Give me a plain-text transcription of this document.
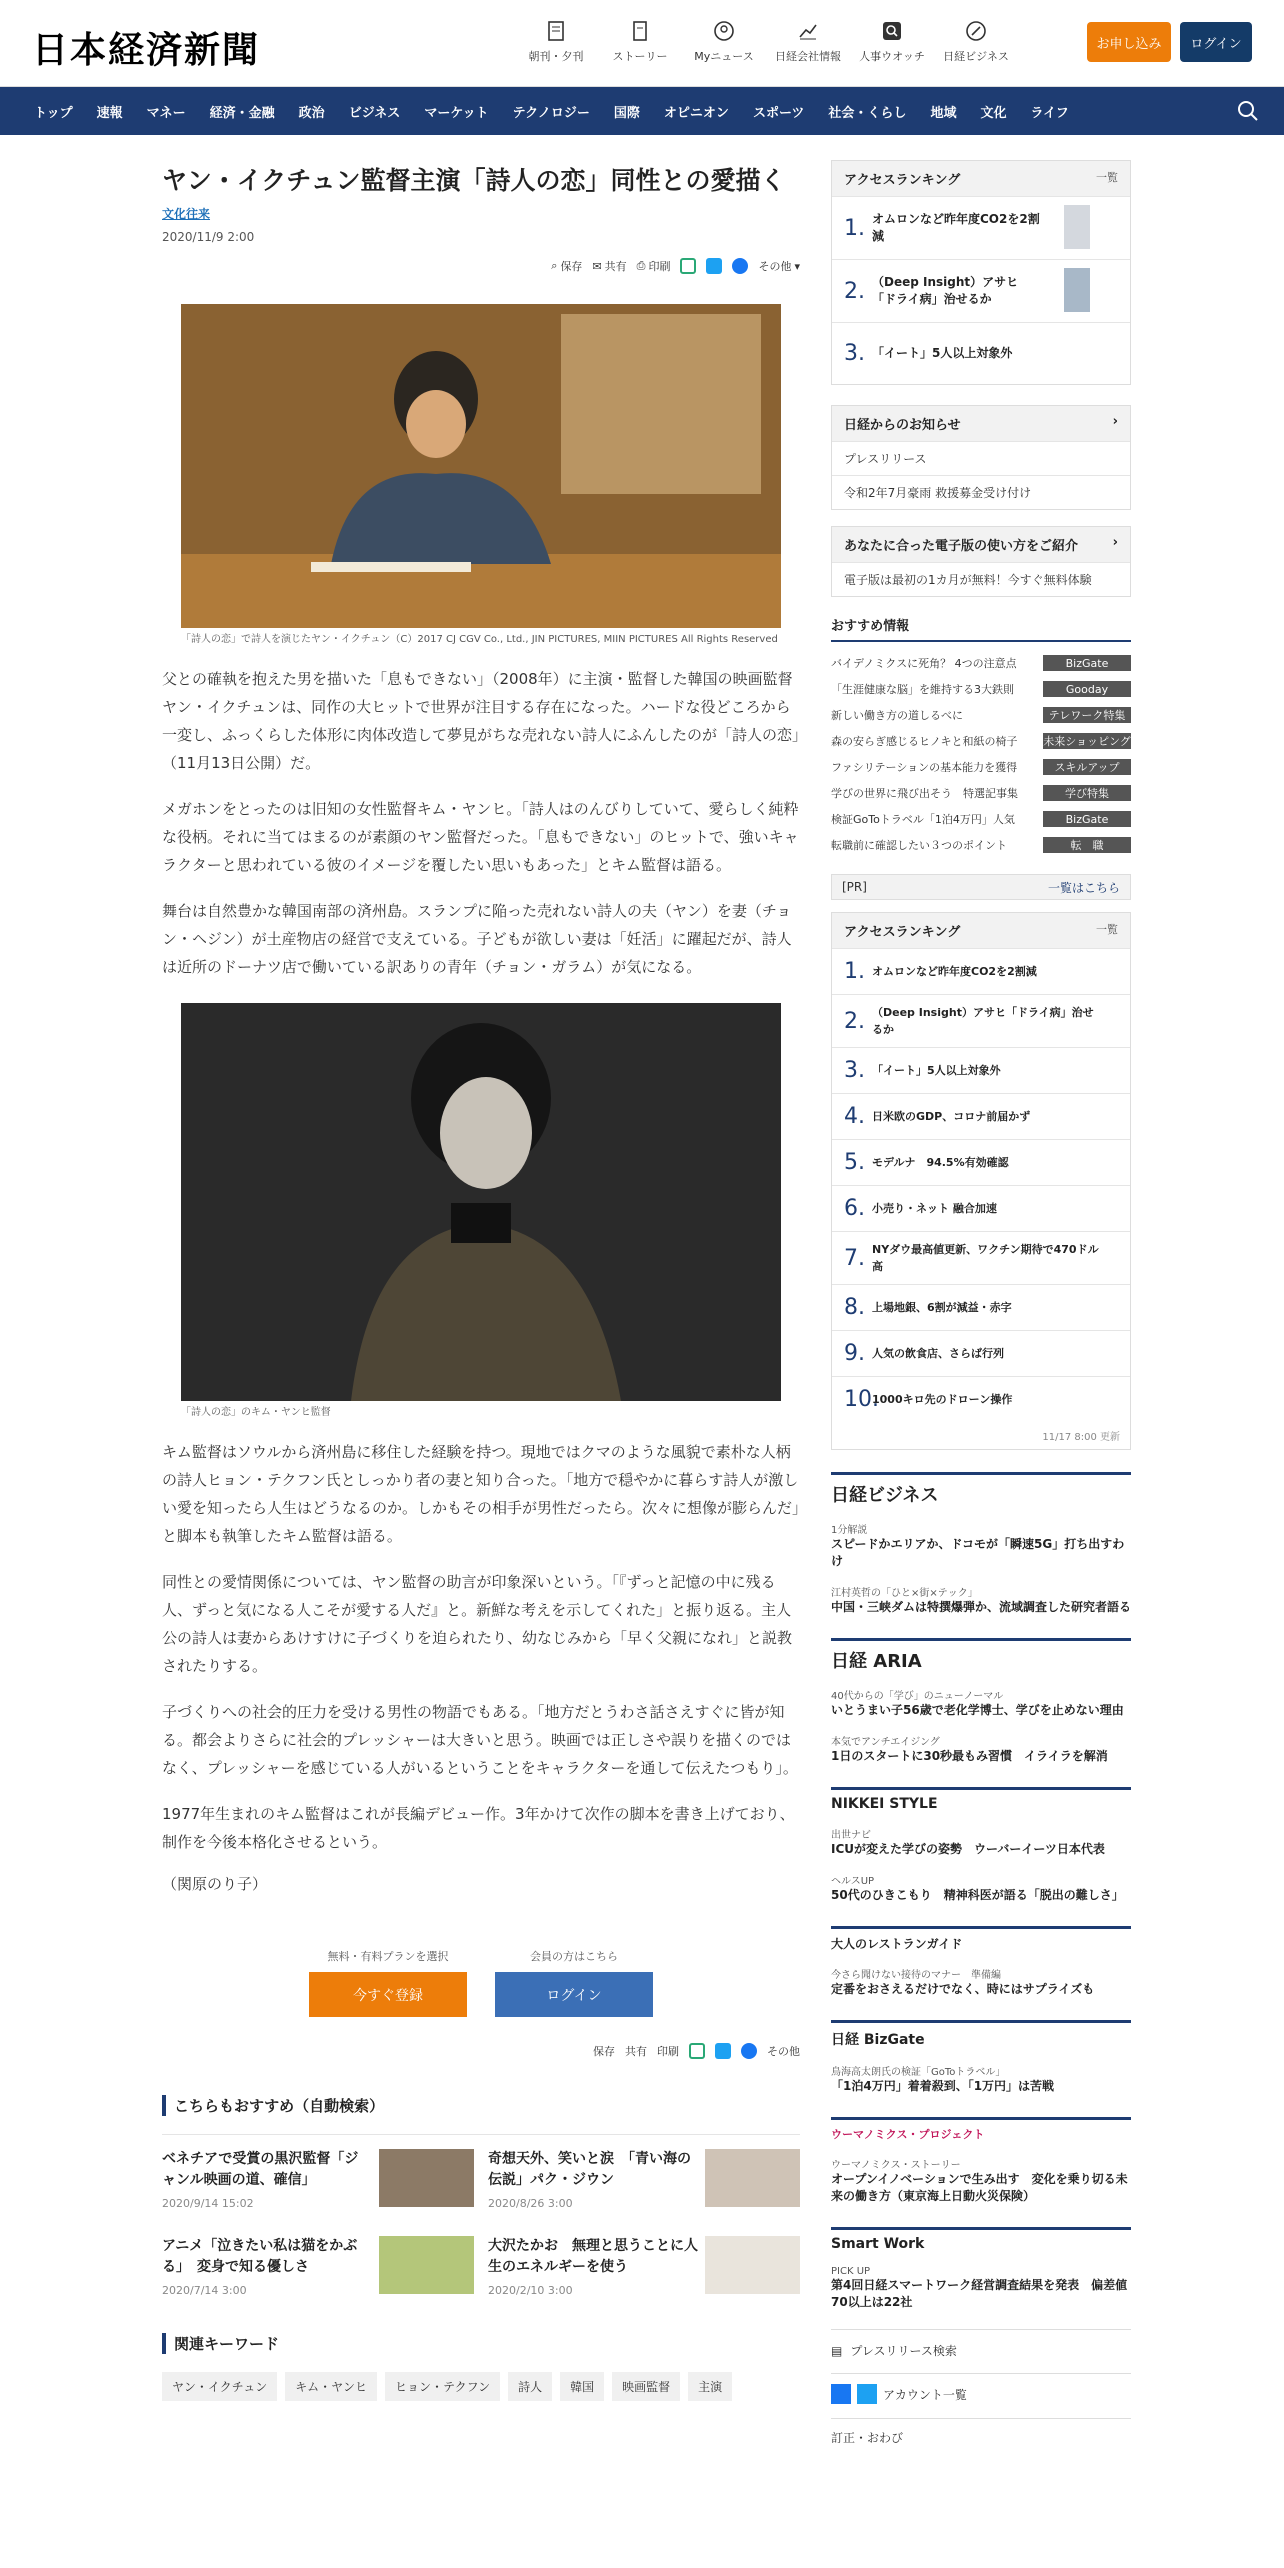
日本経済新聞	朝刊・夕刊	ストーリー	Myニュース	日経会社情報	人事ウオッチ	日経ビジネス
お申し込み	ログイン
トップ	速報	マネー	経済・金融	政治	ビジネス	マーケット	テクノロジー	国際	オピニオン	スポーツ	社会・くらし	地域	文化	ライフ
ヤン・イクチュン監督主演「詩人の恋」同性との愛描く
文化往来
2020/11/9 2:00
⌕ 保存 ✉ 共有 ⎙ 印刷	その他 ▾
「詩人の恋」で詩人を演じたヤン・イクチュン（C）2017 CJ CGV Co., Ltd., JIN PICTURES, MIIN PICTURES All Rights Reserved

父との確執を抱えた男を描いた「息もできない」（2008年）に主演・監督した韓国の映画監督ヤン・イクチュンは、同作の大ヒットで世界が注目する存在になった。ハードな役どころから一変し、ふっくらした体形に肉体改造して夢見がちな売れない詩人にふんしたのが「詩人の恋」（11月13日公開）だ。

メガホンをとったのは旧知の女性監督キム・ヤンヒ。「詩人はのんびりしていて、愛らしく純粋な役柄。それに当てはまるのが素顔のヤン監督だった。「息もできない」のヒットで、強いキャラクターと思われている彼のイメージを覆したい思いもあった」とキム監督は語る。

舞台は自然豊かな韓国南部の済州島。スランプに陥った売れない詩人の夫（ヤン）を妻（チョン・ヘジン）が土産物店の経営で支えている。子どもが欲しい妻は「妊活」に躍起だが、詩人は近所のドーナツ店で働いている訳ありの青年（チョン・ガラム）が気になる。

「詩人の恋」のキム・ヤンヒ監督

キム監督はソウルから済州島に移住した経験を持つ。現地ではクマのような風貌で素朴な人柄の詩人ヒョン・テクフン氏としっかり者の妻と知り合った。「地方で穏やかに暮らす詩人が激しい愛を知ったら人生はどうなるのか。しかもその相手が男性だったら。次々に想像が膨らんだ」と脚本も執筆したキム監督は語る。

同性との愛情関係については、ヤン監督の助言が印象深いという。「『ずっと記憶の中に残る人、ずっと気になる人こそが愛する人だ』と。新鮮な考えを示してくれた」と振り返る。主人公の詩人は妻からあけすけに子づくりを迫られたり、幼なじみから「早く父親になれ」と説教されたりする。

子づくりへの社会的圧力を受ける男性の物語でもある。「地方だとうわさ話さえすぐに皆が知る。都会よりさらに社会的プレッシャーは大きいと思う。映画では正しさや誤りを描くのではなく、プレッシャーを感じている人がいるということをキャラクターを通して伝えたつもり」。

1977年生まれのキム監督はこれが長編デビュー作。3年かけて次作の脚本を書き上げており、制作を今後本格化させるという。

（関原のり子）

無料・有料プランを選択
今すぐ登録
会員の方はこちら
ログイン
保存 共有 印刷	その他
こちらもおすすめ（自動検索）
ベネチアで受賞の黒沢監督「ジャンル映画の道、確信」
2020/9/14 15:02
奇想天外、笑いと涙　「青い海の伝説」パク・ジウン
2020/8/26 3:00
アニメ「泣きたい私は猫をかぶる」　変身で知る優しさ
2020/7/14 3:00
大沢たかお　無理と思うことに人生のエネルギーを使う
2020/2/10 3:00
関連キーワード
ヤン・イクチュン	キム・ヤンヒ	ヒョン・テクフン	詩人	韓国	映画監督	主演
アクセスランキング	一覧
1. オムロンなど昨年度CO2を2割減
2. （Deep Insight）アサヒ「ドライ病」治せるか
3. 「イート」5人以上対象外
日経からのお知らせ	›
プレスリリース
令和2年7月豪雨 救援募金受け付け
あなたに合った電子版の使い方をご紹介	›
電子版は最初の1カ月が無料！今すぐ無料体験
おすすめ情報
バイデノミクスに死角？ 4つの注意点	BizGate
「生涯健康な脳」を維持する3大鉄則	Gooday
新しい働き方の道しるべに	テレワーク特集
森の安らぎ感じるヒノキと和紙の椅子 未来ショッピング
ファシリテーションの基本能力を獲得	スキルアップ
学びの世界に飛び出そう　特選記事集	学び特集
検証GoToトラベル「1泊4万円」人気	BizGate
転職前に確認したい３つのポイント	転　職
[PR]	一覧はこちら
アクセスランキング	一覧
1. オムロンなど昨年度CO2を2割減
2. （Deep Insight）アサヒ「ドライ病」治せるか
3. 「イート」5人以上対象外
4. 日米欧のGDP、コロナ前届かず
5. モデルナ　94.5%有効確認
6. 小売り・ネット 融合加速
7. NYダウ最高値更新、ワクチン期待で470ドル高
8. 上場地銀、6割が減益・赤字
9. 人気の飲食店、さらば行列
10.
1000キロ先のドローン操作
11/17 8:00 更新
日経ビジネス
1分解説
スピードかエリアか、ドコモが「瞬速5G」打ち出すわけ
江村英哲の「ひと×街×テック」
中国・三峡ダムは特撰爆弾か、流域調査した研究者語る
日経 ARIA
40代からの「学び」のニューノーマル
いとうまい子56歳で老化学博士、学びを止めない理由
本気でアンチエイジング
1日のスタートに30秒最もみ習慣　イライラを解消
NIKKEI STYLE
出世ナビ
ICUが変えた学びの姿勢　ウーバーイーツ日本代表
ヘルスUP
50代のひきこもり　精神科医が語る「脱出の難しさ」
大人のレストランガイド
今さら聞けない接待のマナー　準備編
定番をおさえるだけでなく、時にはサプライズも
日経 BizGate
鳥海高太朗氏の検証「GoToトラベル」
「1泊4万円」着着殺到、「1万円」は苦戦
ウーマノミクス・プロジェクト
ウーマノミクス・ストーリー
オープンイノベーションで生み出す　変化を乗り切る未来の働き方（東京海上日動火災保険）
Smart Work
PICK UP
第4回日経スマートワーク経営調査結果を発表　偏差値70以上は22社
▤ プレスリリース検索
アカウント一覧
訂正・おわび
